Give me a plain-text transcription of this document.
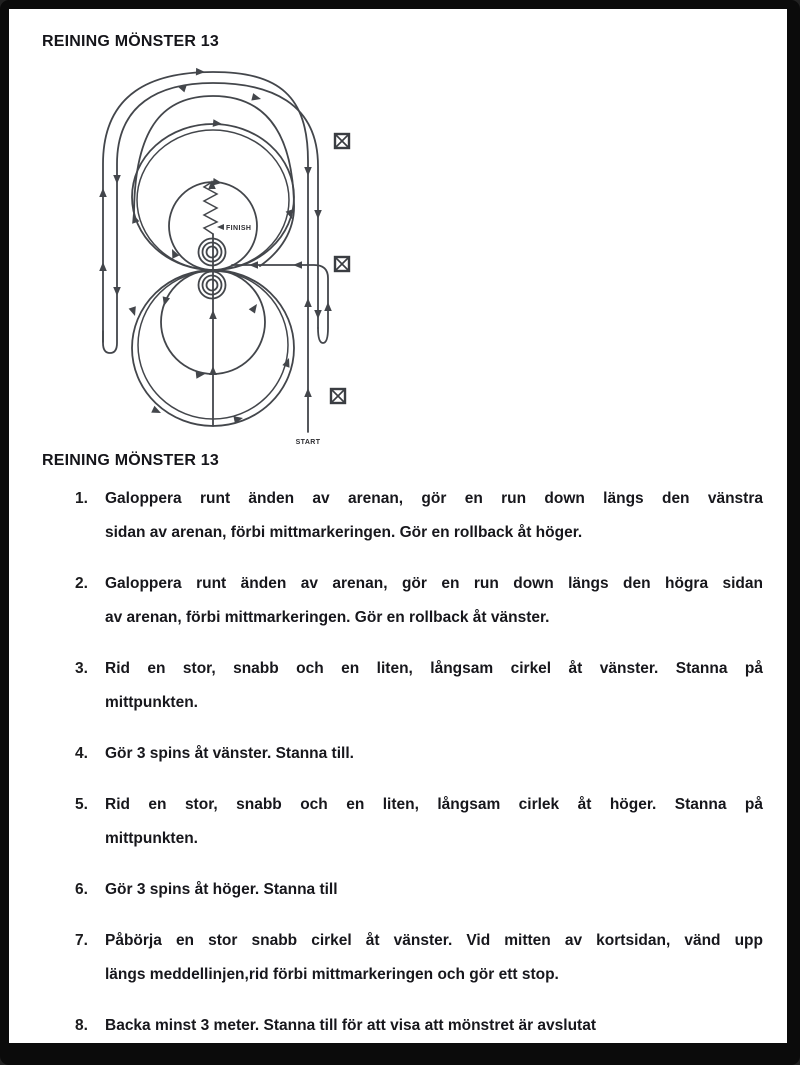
REINING MÖNSTER 13
FINISH
START
REINING MÖNSTER 13
1.	Galoppera runt änden av arenan, gör en run down längs den vänstra
sidan av arenan, förbi mittmarkeringen. Gör en rollback åt höger.
2.	Galoppera runt änden av arenan, gör en run down längs den högra sidan
av arenan, förbi mittmarkeringen. Gör en rollback åt vänster.
3.	Rid en stor, snabb och en liten, långsam cirkel åt vänster. Stanna på
mittpunkten.
4.	Gör 3 spins åt vänster. Stanna till.
5.	Rid en stor, snabb och en liten, långsam cirlek åt höger. Stanna på
mittpunkten.
6.	Gör 3 spins åt höger. Stanna till
7.	Påbörja en stor snabb cirkel åt vänster. Vid mitten av kortsidan, vänd upp
längs meddellinjen,rid förbi mittmarkeringen och gör ett stop.
8.	Backa minst 3 meter. Stanna till för att visa att mönstret är avslutat
